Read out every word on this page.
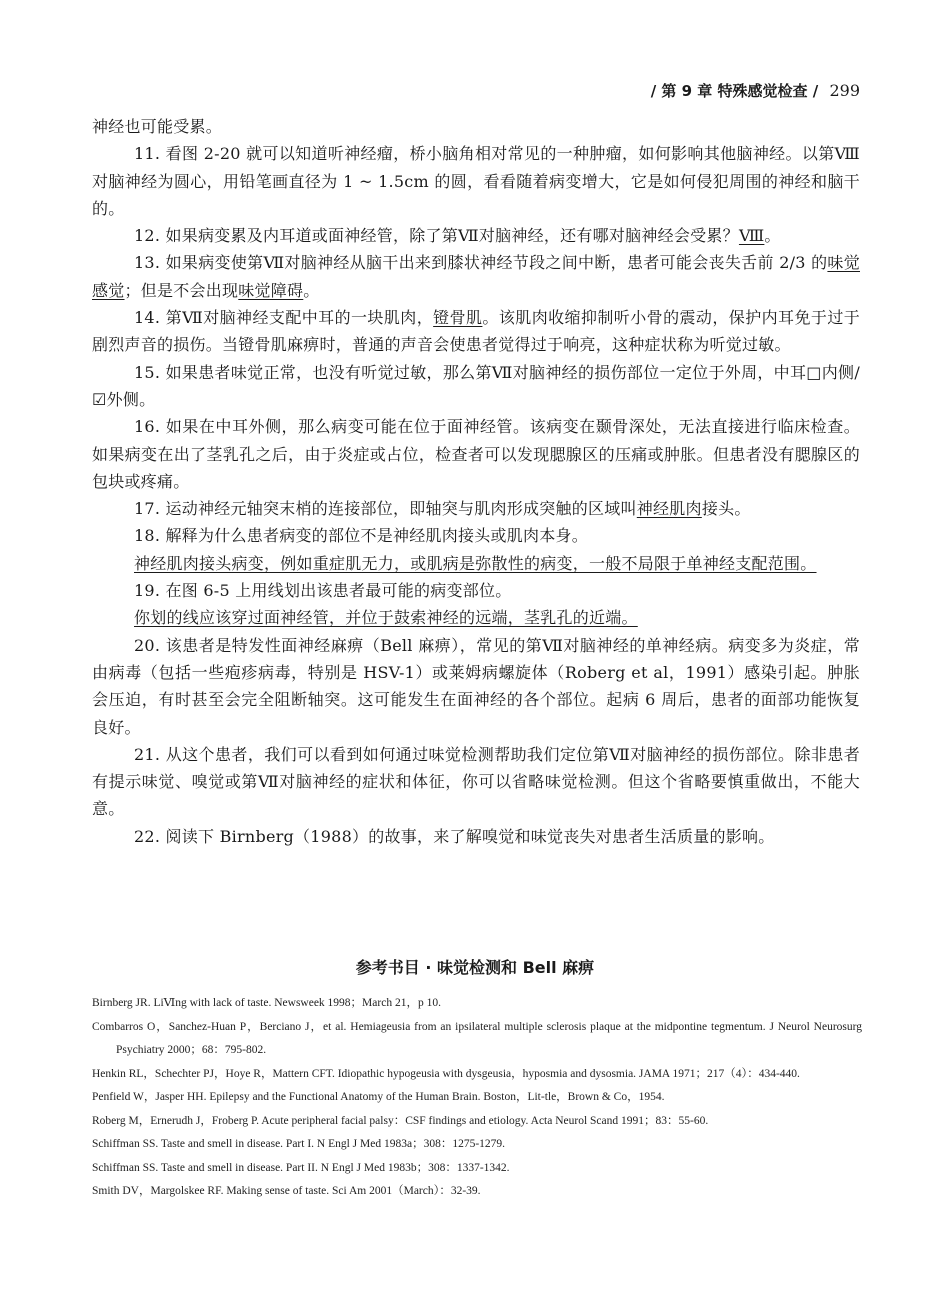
/ 第 9 章 特殊感觉检查 / 299

神经也可能受累。

11. 看图 2-20 就可以知道听神经瘤，桥小脑角相对常见的一种肿瘤，如何影响其他脑神经。以第Ⅷ对脑神经为圆心，用铅笔画直径为 1 ~ 1.5cm 的圆，看看随着病变增大，它是如何侵犯周围的神经和脑干的。

12. 如果病变累及内耳道或面神经管，除了第Ⅶ对脑神经，还有哪对脑神经会受累？Ⅷ。

13. 如果病变使第Ⅶ对脑神经从脑干出来到膝状神经节段之间中断，患者可能会丧失舌前 2/3 的味觉感觉；但是不会出现味觉障碍。

14. 第Ⅶ对脑神经支配中耳的一块肌肉，镫骨肌。该肌肉收缩抑制听小骨的震动，保护内耳免于过于剧烈声音的损伤。当镫骨肌麻痹时，普通的声音会使患者觉得过于响亮，这种症状称为听觉过敏。

15. 如果患者味觉正常，也没有听觉过敏，那么第Ⅶ对脑神经的损伤部位一定位于外周，中耳□内侧/☑外侧。

16. 如果在中耳外侧，那么病变可能在位于面神经管。该病变在颞骨深处，无法直接进行临床检查。如果病变在出了茎乳孔之后，由于炎症或占位，检查者可以发现腮腺区的压痛或肿胀。但患者没有腮腺区的包块或疼痛。

17. 运动神经元轴突末梢的连接部位，即轴突与肌肉形成突触的区域叫神经肌肉接头。

18. 解释为什么患者病变的部位不是神经肌肉接头或肌肉本身。

神经肌肉接头病变，例如重症肌无力，或肌病是弥散性的病变，一般不局限于单神经支配范围。

19. 在图 6-5 上用线划出该患者最可能的病变部位。

你划的线应该穿过面神经管，并位于鼓索神经的远端，茎乳孔的近端。

20. 该患者是特发性面神经麻痹（Bell 麻痹），常见的第Ⅶ对脑神经的单神经病。病变多为炎症，常由病毒（包括一些疱疹病毒，特别是 HSV-1）或莱姆病螺旋体（Roberg et al，1991）感染引起。肿胀会压迫，有时甚至会完全阻断轴突。这可能发生在面神经的各个部位。起病 6 周后，患者的面部功能恢复良好。

21. 从这个患者，我们可以看到如何通过味觉检测帮助我们定位第Ⅶ对脑神经的损伤部位。除非患者有提示味觉、嗅觉或第Ⅶ对脑神经的症状和体征，你可以省略味觉检测。但这个省略要慎重做出，不能大意。

22. 阅读下 Birnberg（1988）的故事，来了解嗅觉和味觉丧失对患者生活质量的影响。

参考书目 · 味觉检测和 Bell 麻痹

Birnberg JR. LiⅥng with lack of taste. Newsweek 1998；March 21，p 10.

Combarros O，Sanchez-Huan P，Berciano J，et al. Hemiageusia from an ipsilateral multiple sclerosis plaque at the midpontine tegmentum. J Neurol Neurosurg Psychiatry 2000；68：795-802.

Henkin RL，Schechter PJ，Hoye R，Mattern CFT. Idiopathic hypogeusia with dysgeusia，hyposmia and dysosmia. JAMA 1971；217（4）：434-440.

Penfield W，Jasper HH. Epilepsy and the Functional Anatomy of the Human Brain. Boston，Lit-tle，Brown & Co，1954.

Roberg M，Ernerudh J，Froberg P. Acute peripheral facial palsy：CSF findings and etiology. Acta Neurol Scand 1991；83：55-60.

Schiffman SS. Taste and smell in disease. Part I. N Engl J Med 1983a；308：1275-1279.

Schiffman SS. Taste and smell in disease. Part II. N Engl J Med 1983b；308：1337-1342.

Smith DV，Margolskee RF. Making sense of taste. Sci Am 2001（March）：32-39.
